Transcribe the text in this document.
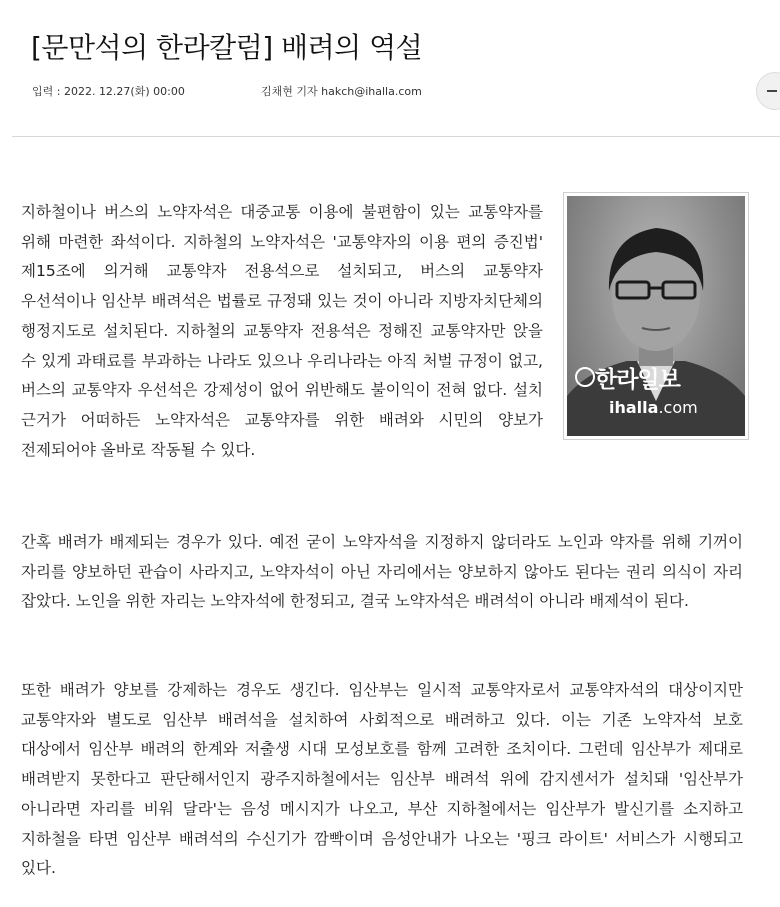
[문만석의 한라칼럼] 배려의 역설
입력 : 2022. 12.27(화) 00:00	김채현 기자 hakch@ihalla.com
한라일보
ihalla.com

지하철이나 버스의 노약자석은 대중교통 이용에 불편함이 있는 교통약자를 위해 마련한 좌석이다. 지하철의 노약자석은 '교통약자의 이용 편의 증진법' 제15조에 의거해 교통약자 전용석으로 설치되고, 버스의 교통약자 우선석이나 임산부 배려석은 법률로 규정돼 있는 것이 아니라 지방자치단체의 행정지도로 설치된다. 지하철의 교통약자 전용석은 정해진 교통약자만 앉을 수 있게 과태료를 부과하는 나라도 있으나 우리나라는 아직 처벌 규정이 없고, 버스의 교통약자 우선석은 강제성이 없어 위반해도 불이익이 전혀 없다. 설치 근거가 어떠하든 노약자석은 교통약자를 위한 배려와 시민의 양보가 전제되어야 올바로 작동될 수 있다.

간혹 배려가 배제되는 경우가 있다. 예전 굳이 노약자석을 지정하지 않더라도 노인과 약자를 위해 기꺼이 자리를 양보하던 관습이 사라지고, 노약자석이 아닌 자리에서는 양보하지 않아도 된다는 권리 의식이 자리 잡았다. 노인을 위한 자리는 노약자석에 한정되고, 결국 노약자석은 배려석이 아니라 배제석이 된다.

또한 배려가 양보를 강제하는 경우도 생긴다. 임산부는 일시적 교통약자로서 교통약자석의 대상이지만 교통약자와 별도로 임산부 배려석을 설치하여 사회적으로 배려하고 있다. 이는 기존 노약자석 보호 대상에서 임산부 배려의 한계와 저출생 시대 모성보호를 함께 고려한 조치이다. 그런데 임산부가 제대로 배려받지 못한다고 판단해서인지 광주지하철에서는 임산부 배려석 위에 감지센서가 설치돼 '임산부가 아니라면 자리를 비워 달라'는 음성 메시지가 나오고, 부산 지하철에서는 임산부가 발신기를 소지하고 지하철을 타면 임산부 배려석의 수신기가 깜빡이며 음성안내가 나오는 '핑크 라이트' 서비스가 시행되고 있다.
